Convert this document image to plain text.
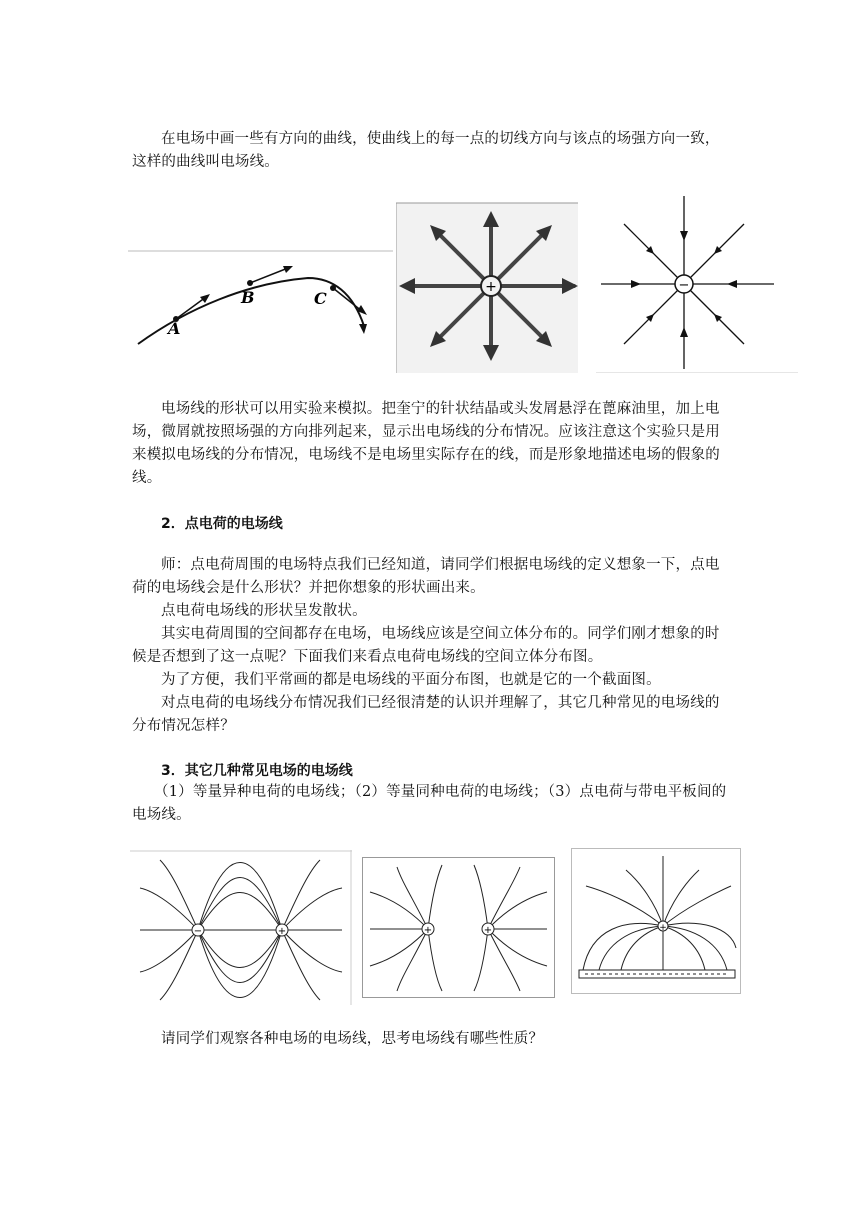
在电场中画一些有方向的曲线，使曲线上的每一点的切线方向与该点的场强方向一致，这样的曲线叫电场线。

A
B	C
+	−

电场线的形状可以用实验来模拟。把奎宁的针状结晶或头发屑悬浮在蓖麻油里，加上电场，微屑就按照场强的方向排列起来，显示出电场线的分布情况。应该注意这个实验只是用来模拟电场线的分布情况，电场线不是电场里实际存在的线，而是形象地描述电场的假象的线。

2．点电荷的电场线

师：点电荷周围的电场特点我们已经知道，请同学们根据电场线的定义想象一下，点电荷的电场线会是什么形状？并把你想象的形状画出来。

点电荷电场线的形状呈发散状。

其实电荷周围的空间都存在电场，电场线应该是空间立体分布的。同学们刚才想象的时候是否想到了这一点呢？下面我们来看点电荷电场线的空间立体分布图。

为了方便，我们平常画的都是电场线的平面分布图，也就是它的一个截面图。

对点电荷的电场线分布情况我们已经很清楚的认识并理解了，其它几种常见的电场线的分布情况怎样？

3．其它几种常见电场的电场线

（1）等量异种电荷的电场线；（2）等量同种电荷的电场线；（3）点电荷与带电平板间的电场线。

−	+	+	+	+

请同学们观察各种电场的电场线，思考电场线有哪些性质？
